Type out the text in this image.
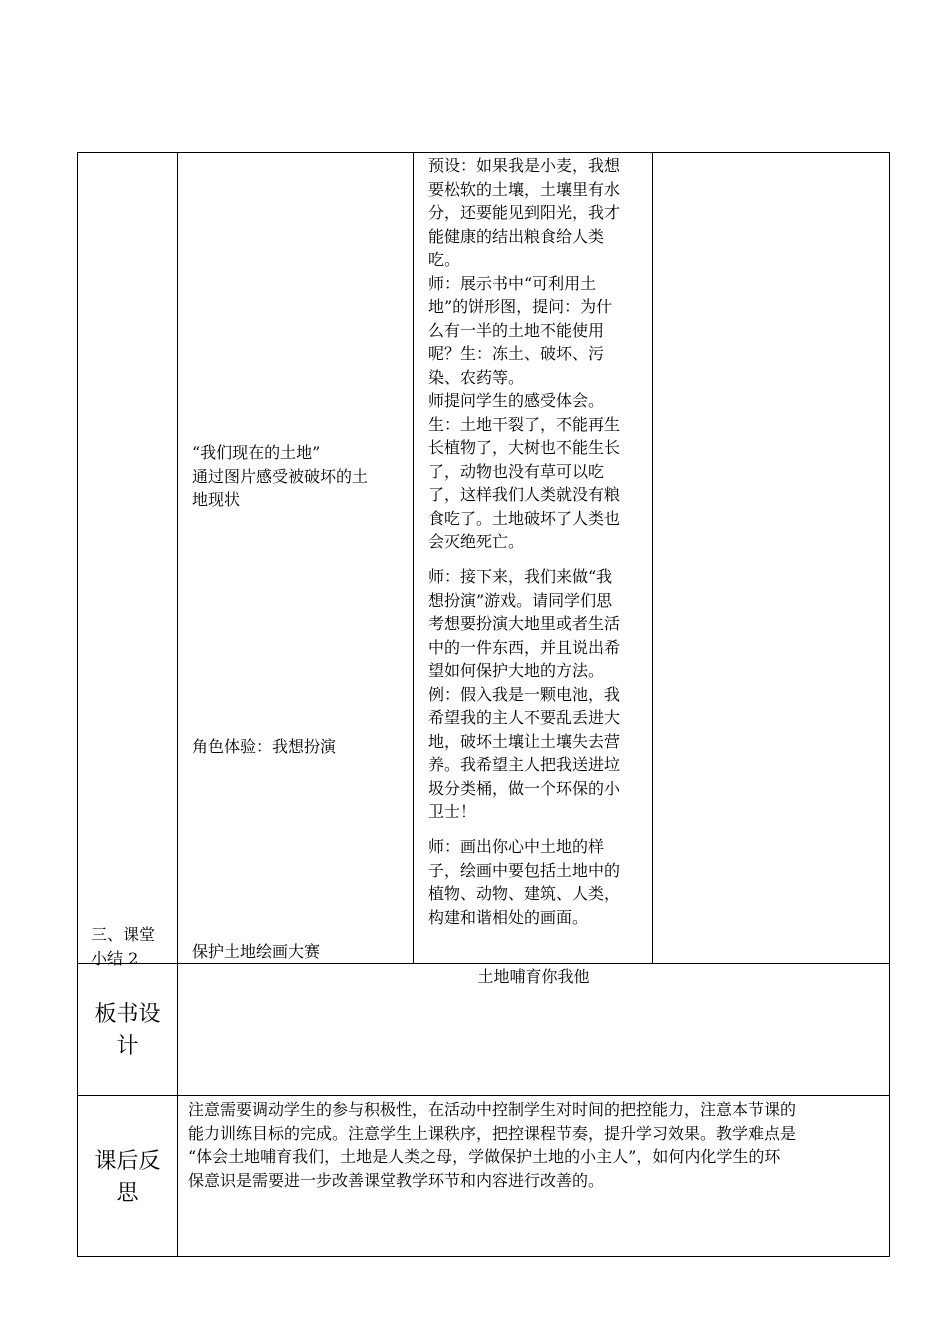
三、课堂
小结 2
“我们现在的土地”
通过图片感受被破坏的土
地现状
角色体验：我想扮演
保护土地绘画大赛
预设：如果我是小麦，我想
要松软的土壤，土壤里有水
分，还要能见到阳光，我才
能健康的结出粮食给人类
吃。
师：展示书中“可利用土
地”的饼形图，提问：为什
么有一半的土地不能使用
呢？生：冻土、破坏、污
染、农药等。
师提问学生的感受体会。
生：土地干裂了，不能再生
长植物了，大树也不能生长
了，动物也没有草可以吃
了，这样我们人类就没有粮
食吃了。土地破坏了人类也
会灭绝死亡。
师：接下来，我们来做“我
想扮演”游戏。请同学们思
考想要扮演大地里或者生活
中的一件东西，并且说出希
望如何保护大地的方法。
例：假入我是一颗电池，我
希望我的主人不要乱丢进大
地，破坏土壤让土壤失去营
养。我希望主人把我送进垃
圾分类桶，做一个环保的小
卫士！
师：画出你心中土地的样
子，绘画中要包括土地中的
植物、动物、建筑、人类，
构建和谐相处的画面。
板书设
计
土地哺育你我他
课后反
思
注意需要调动学生的参与积极性，在活动中控制学生对时间的把控能力，注意本节课的
能力训练目标的完成。注意学生上课秩序，把控课程节奏，提升学习效果。教学难点是
“体会土地哺育我们，土地是人类之母，学做保护土地的小主人”，如何内化学生的环
保意识是需要进一步改善课堂教学环节和内容进行改善的。
